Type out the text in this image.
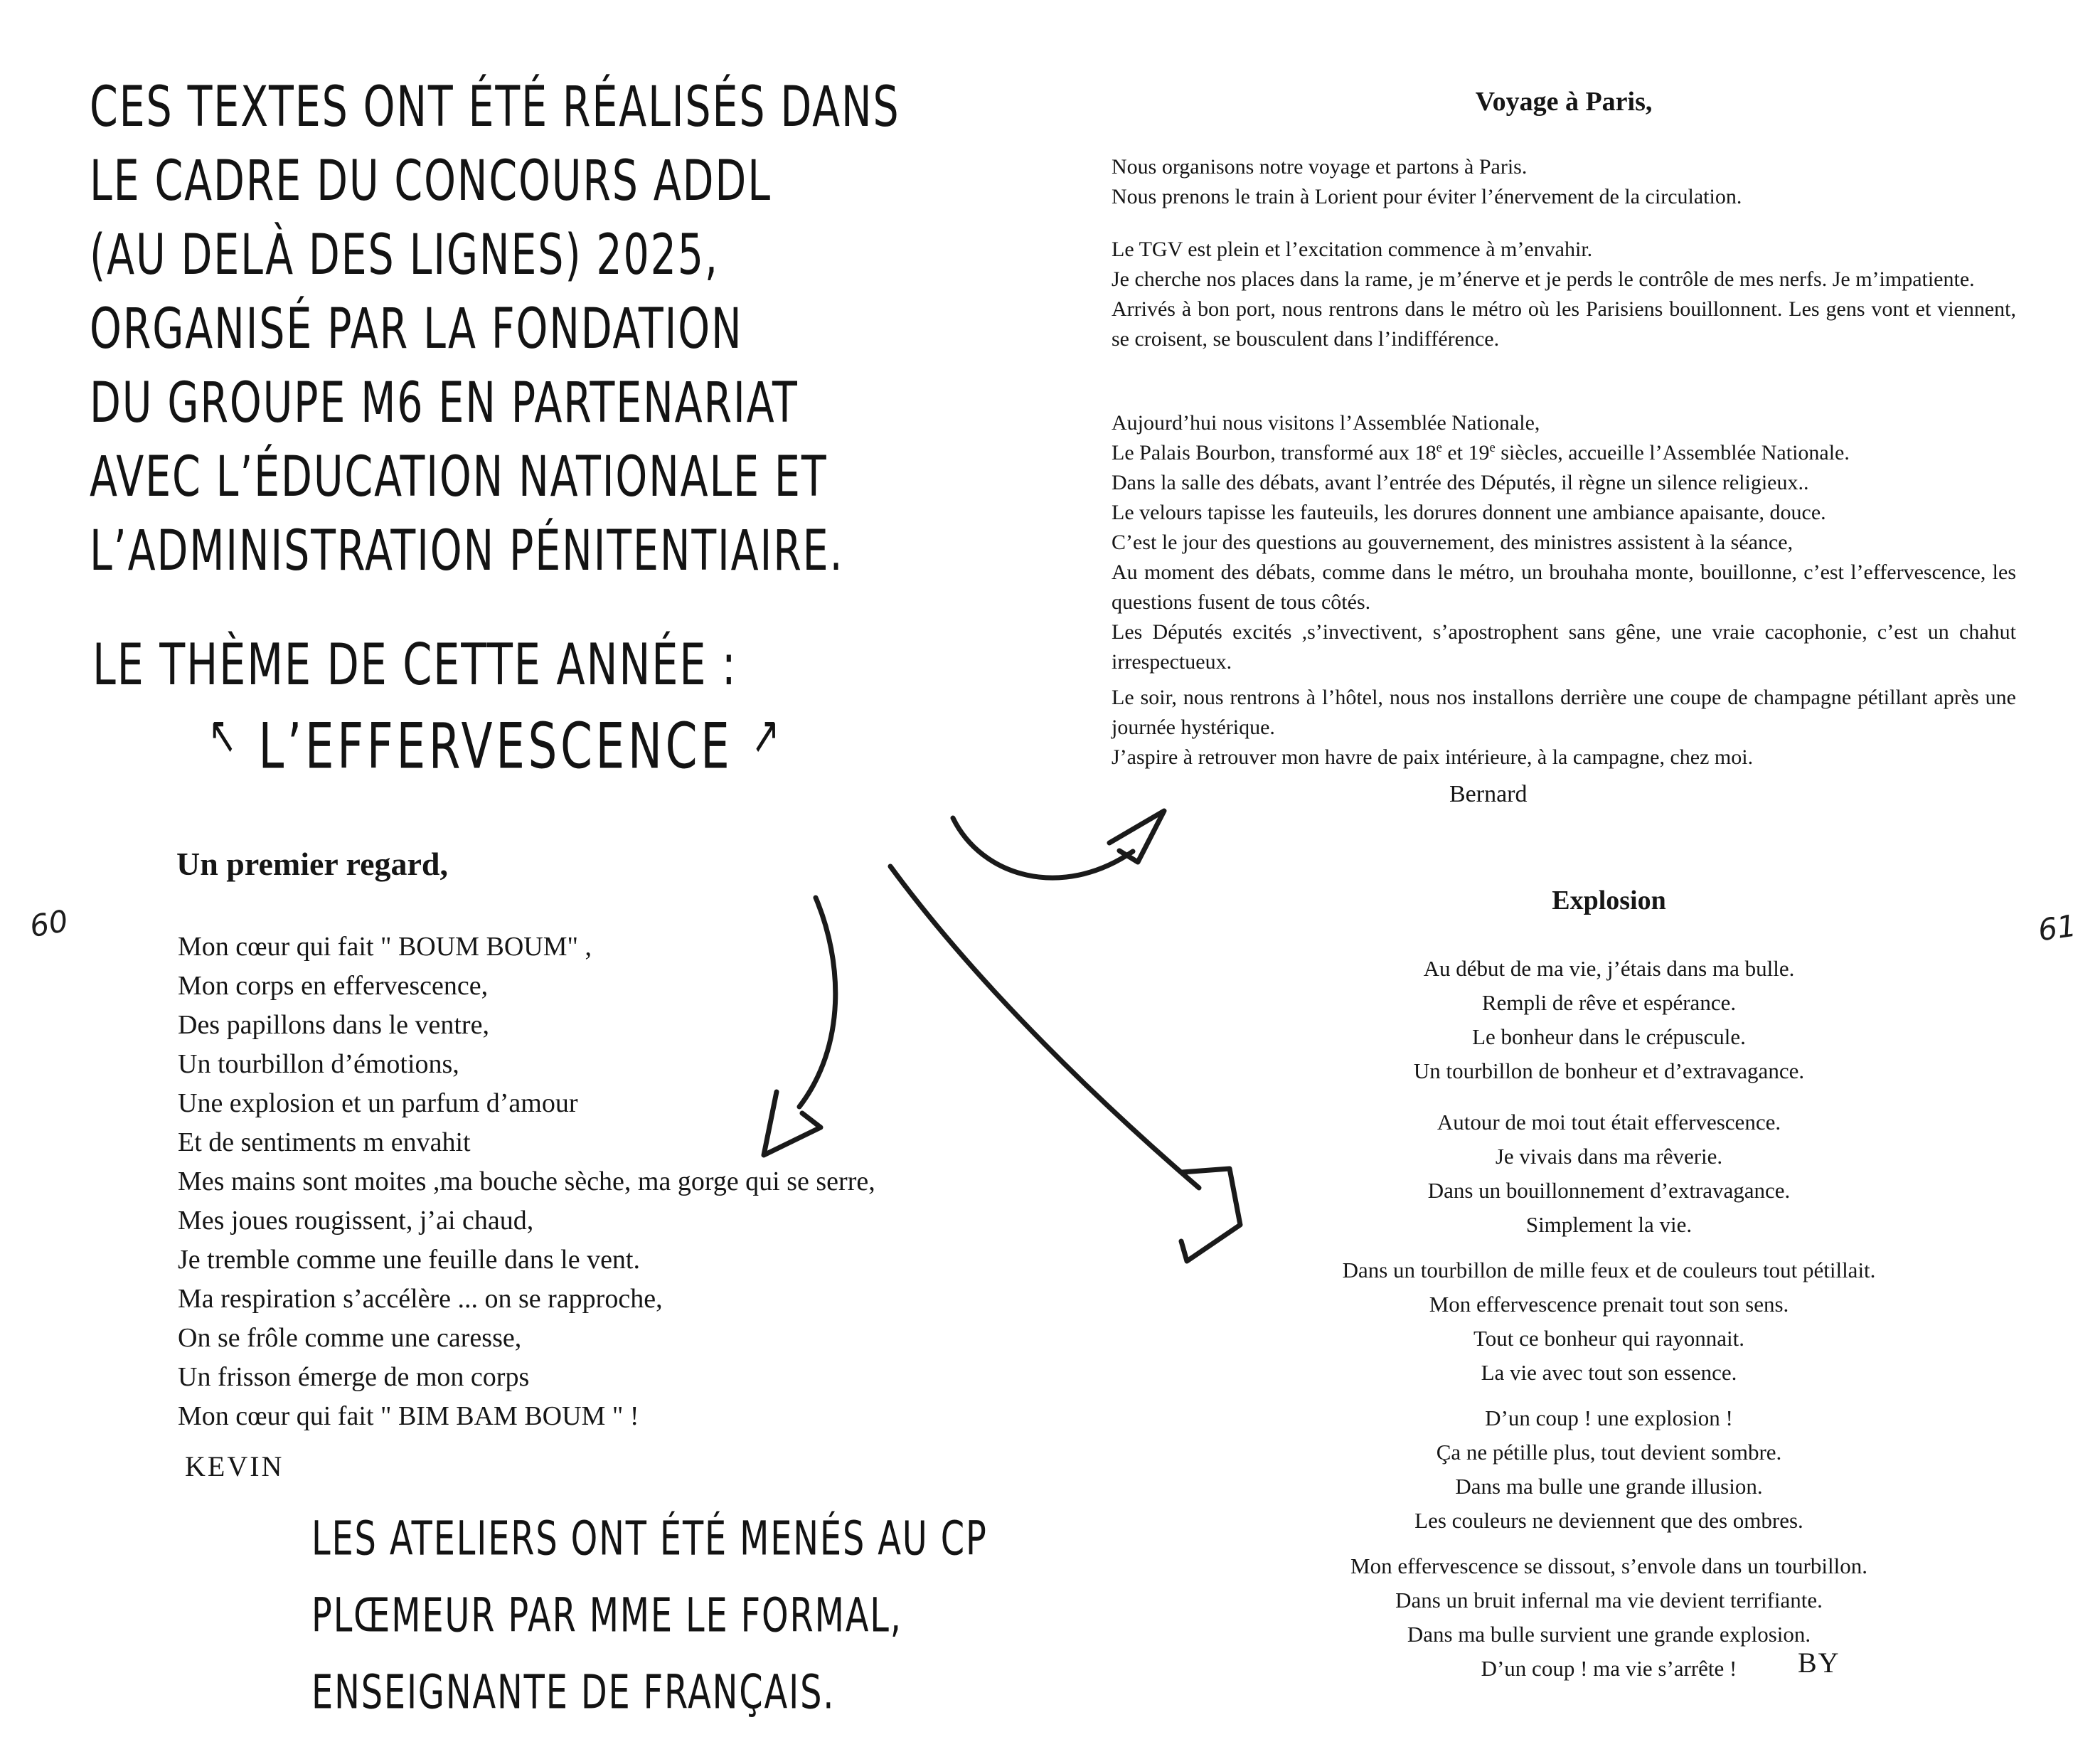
CES TEXTES ONT ÉTÉ RÉALISÉS DANS
LE CADRE DU CONCOURS ADDL
(AU DELÀ DES LIGNES) 2025,
ORGANISÉ PAR LA FONDATION
DU GROUPE M6 EN PARTENARIAT
AVEC L’ÉDUCATION NATIONALE ET
L’ADMINISTRATION PÉNITENTIAIRE.
LE THÈME DE CETTE ANNÉE :
↖ L’EFFERVESCENCE ↗
60
Un premier regard,
Mon cœur qui fait " BOUM BOUM" ,
Mon corps en effervescence,
Des papillons dans le ventre,
Un tourbillon d’émotions,
Une explosion et un parfum d’amour
Et de sentiments m envahit
Mes mains sont moites ,ma bouche sèche, ma gorge qui se serre,
Mes joues rougissent, j’ai chaud,
Je tremble comme une feuille dans le vent.
Ma respiration s’accélère ... on se rapproche,
On se frôle comme une caresse,
Un frisson émerge de mon corps
Mon cœur qui fait " BIM BAM BOUM " !
KEVIN
LES ATELIERS ONT ÉTÉ MENÉS AU CP
PLŒMEUR PAR MME LE FORMAL,
ENSEIGNANTE DE FRANÇAIS.
Voyage à Paris,
Nous organisons notre voyage et partons à Paris.
Nous prenons le train à Lorient pour éviter l’énervement de la circulation.
Le TGV est plein et l’excitation commence à m’envahir.
Je cherche nos places dans la rame, je m’énerve et je perds le contrôle de mes nerfs. Je m’impatiente.
Arrivés à bon port, nous rentrons dans le métro où les Parisiens bouillonnent. Les gens vont et viennent, se croisent, se bousculent dans l’indifférence.
Aujourd’hui nous visitons l’Assemblée Nationale,
Le Palais Bourbon, transformé aux 18e et 19e siècles, accueille l’Assemblée Nationale.
Dans la salle des débats, avant l’entrée des Députés, il règne un silence religieux..
Le velours tapisse les fauteuils, les dorures donnent une ambiance apaisante, douce.
C’est le jour des questions au gouvernement, des ministres assistent à la séance,
Au moment des débats, comme dans le métro, un brouhaha monte, bouillonne, c’est l’effervescence, les questions fusent de tous côtés.
Les Députés excités ,s’invectivent, s’apostrophent sans gêne, une vraie cacophonie, c’est un chahut irrespectueux.
Le soir, nous rentrons à l’hôtel, nous nos installons derrière une coupe de champagne pétillant après une journée hystérique.
J’aspire à retrouver mon havre de paix intérieure, à la campagne, chez moi.
Bernard
Explosion
61
Au début de ma vie, j’étais dans ma bulle.
Rempli de rêve et espérance.
Le bonheur dans le crépuscule.
Un tourbillon de bonheur et d’extravagance.
Autour de moi tout était effervescence.
Je vivais dans ma rêverie.
Dans un bouillonnement d’extravagance.
Simplement la vie.
Dans un tourbillon de mille feux et de couleurs tout pétillait.
Mon effervescence prenait tout son sens.
Tout ce bonheur qui rayonnait.
La vie avec tout son essence.
D’un coup ! une explosion !
Ça ne pétille plus, tout devient sombre.
Dans ma bulle une grande illusion.
Les couleurs ne deviennent que des ombres.
Mon effervescence se dissout, s’envole dans un tourbillon.
Dans un bruit infernal ma vie devient terrifiante.
Dans ma bulle survient une grande explosion.
D’un coup ! ma vie s’arrête !	BY
